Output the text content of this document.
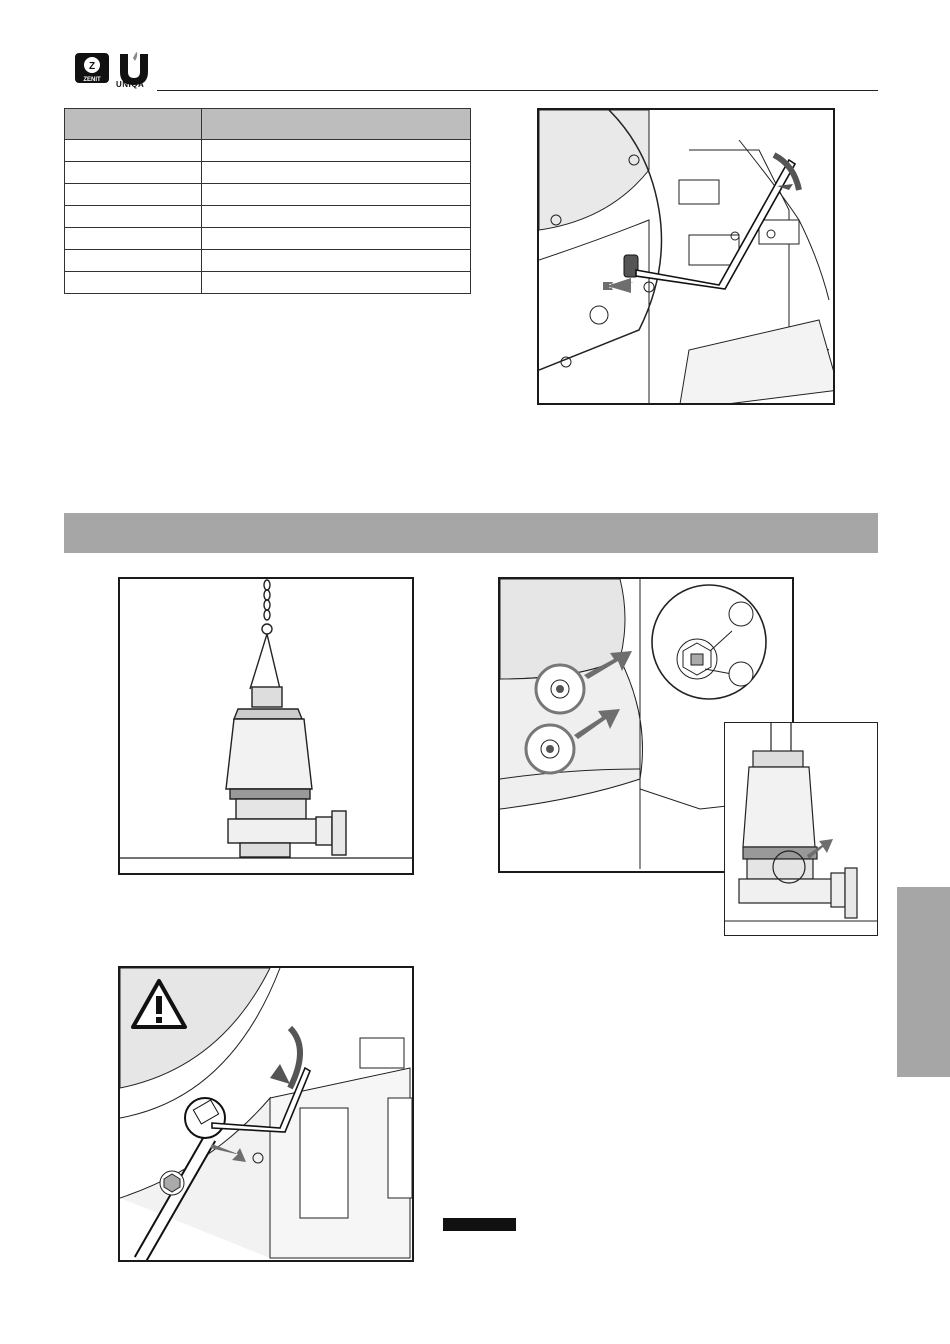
Z
ZENIT UNIQA
